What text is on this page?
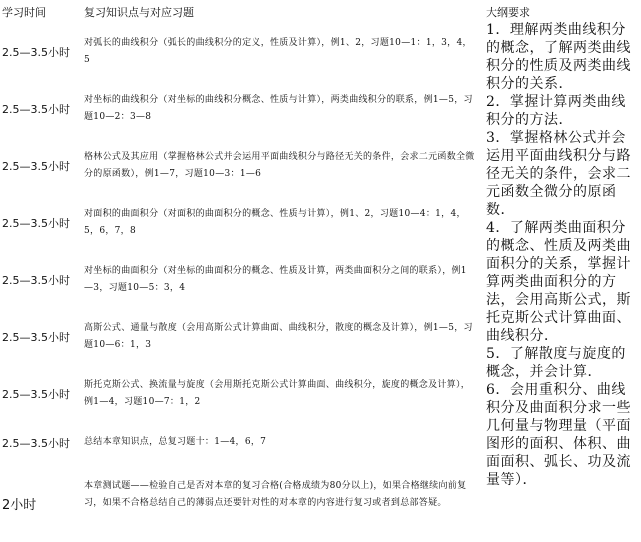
学习时间	复习知识点与对应习题	大纲要求
2.5—3.5小时
对弧长的曲线积分（弧长的曲线积分的定义，性质及计算），例1、2，习题10—1：1，3，4，5
2.5—3.5小时
对坐标的曲线积分（对坐标的曲线积分概念、性质与计算），两类曲线积分的联系，例1—5，习题10—2：3—8
2.5—3.5小时
格林公式及其应用（掌握格林公式并会运用平面曲线积分与路径无关的条件，会求二元函数全微分的原函数），例1—7，习题10—3：1—6
2.5—3.5小时
对面积的曲面积分（对面积的曲面积分的概念、性质与计算），例1、2，习题10—4：1，4，5，6，7，8
2.5—3.5小时
对坐标的曲面积分（对坐标的曲面积分的概念、性质及计算，两类曲面积分之间的联系），例1—3，习题10—5：3，4
2.5—3.5小时
高斯公式、通量与散度（会用高斯公式计算曲面、曲线积分，散度的概念及计算），例1—5，习题10—6：1，3
2.5—3.5小时
斯托克斯公式、换流量与旋度（会用斯托克斯公式计算曲面、曲线积分，旋度的概念及计算），例1—4，习题10—7：1，2
2.5—3.5小时 总结本章知识点，总复习题十：1—4，6，7
2小时
本章测试题——检验自己是否对本章的复习合格(合格成绩为80分以上)，如果合格继续向前复习，如果不合格总结自己的薄弱点还要针对性的对本章的内容进行复习或者到总部答疑。

1．理解两类曲线积分的概念，了解两类曲线积分的性质及两类曲线积分的关系．

2．掌握计算两类曲线积分的方法．

3．掌握格林公式并会运用平面曲线积分与路径无关的条件，会求二元函数全微分的原函数．

4．了解两类曲面积分的概念、性质及两类曲面积分的关系，掌握计算两类曲面积分的方法，会用高斯公式，斯托克斯公式计算曲面、曲线积分．

5．了解散度与旋度的概念，并会计算．

6．会用重积分、曲线积分及曲面积分求一些几何量与物理量（平面图形的面积、体积、曲面面积、弧长、功及流量等）．
